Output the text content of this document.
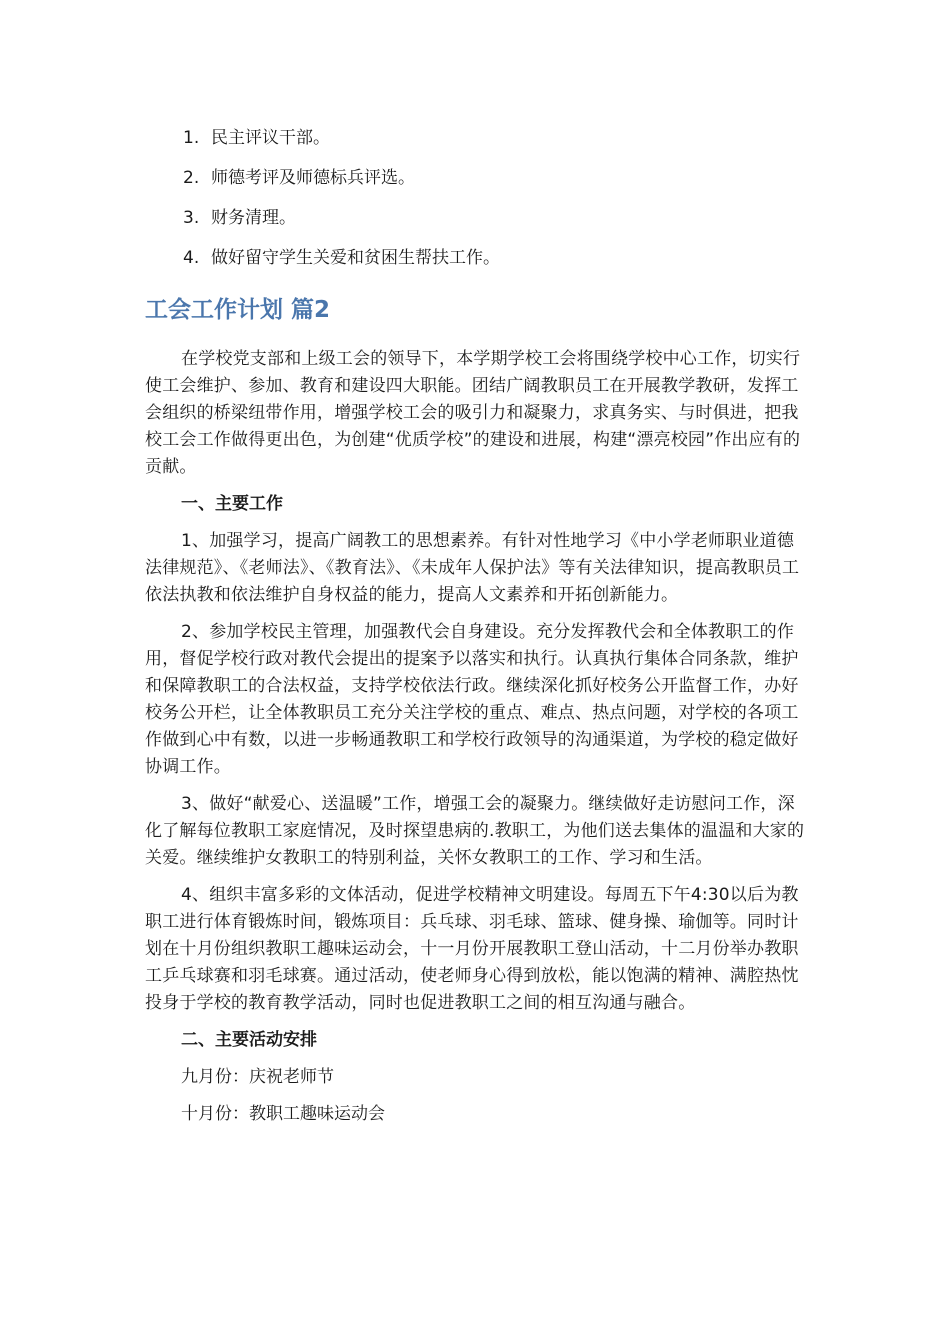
1. 民主评议干部。
2. 师德考评及师德标兵评选。
3. 财务清理。
4. 做好留守学生关爱和贫困生帮扶工作。
工会工作计划 篇2

在学校党支部和上级工会的领导下，本学期学校工会将围绕学校中心工作，切实行使工会维护、参加、教育和建设四大职能。团结广阔教职员工在开展教学教研，发挥工会组织的桥梁纽带作用，增强学校工会的吸引力和凝聚力，求真务实、与时俱进，把我校工会工作做得更出色，为创建“优质学校”的建设和进展，构建“漂亮校园”作出应有的贡献。

一、主要工作

1、加强学习，提高广阔教工的思想素养。有针对性地学习《中小学老师职业道德法律规范》、《老师法》、《教育法》、《未成年人保护法》等有关法律知识，提高教职员工依法执教和依法维护自身权益的能力，提高人文素养和开拓创新能力。

2、参加学校民主管理，加强教代会自身建设。充分发挥教代会和全体教职工的作用，督促学校行政对教代会提出的提案予以落实和执行。认真执行集体合同条款，维护和保障教职工的合法权益，支持学校依法行政。继续深化抓好校务公开监督工作，办好校务公开栏，让全体教职员工充分关注学校的重点、难点、热点问题，对学校的各项工作做到心中有数，以进一步畅通教职工和学校行政领导的沟通渠道，为学校的稳定做好协调工作。

3、做好“献爱心、送温暖”工作，增强工会的凝聚力。继续做好走访慰问工作，深化了解每位教职工家庭情况，及时探望患病的.教职工，为他们送去集体的温温和大家的关爱。继续维护女教职工的特别利益，关怀女教职工的工作、学习和生活。

4、组织丰富多彩的文体活动，促进学校精神文明建设。每周五下午4:30以后为教职工进行体育锻炼时间，锻炼项目：兵乓球、羽毛球、篮球、健身操、瑜伽等。同时计划在十月份组织教职工趣味运动会，十一月份开展教职工登山活动，十二月份举办教职工乒乓球赛和羽毛球赛。通过活动，使老师身心得到放松，能以饱满的精神、满腔热忱投身于学校的教育教学活动，同时也促进教职工之间的相互沟通与融合。

二、主要活动安排

九月份：庆祝老师节

十月份：教职工趣味运动会
